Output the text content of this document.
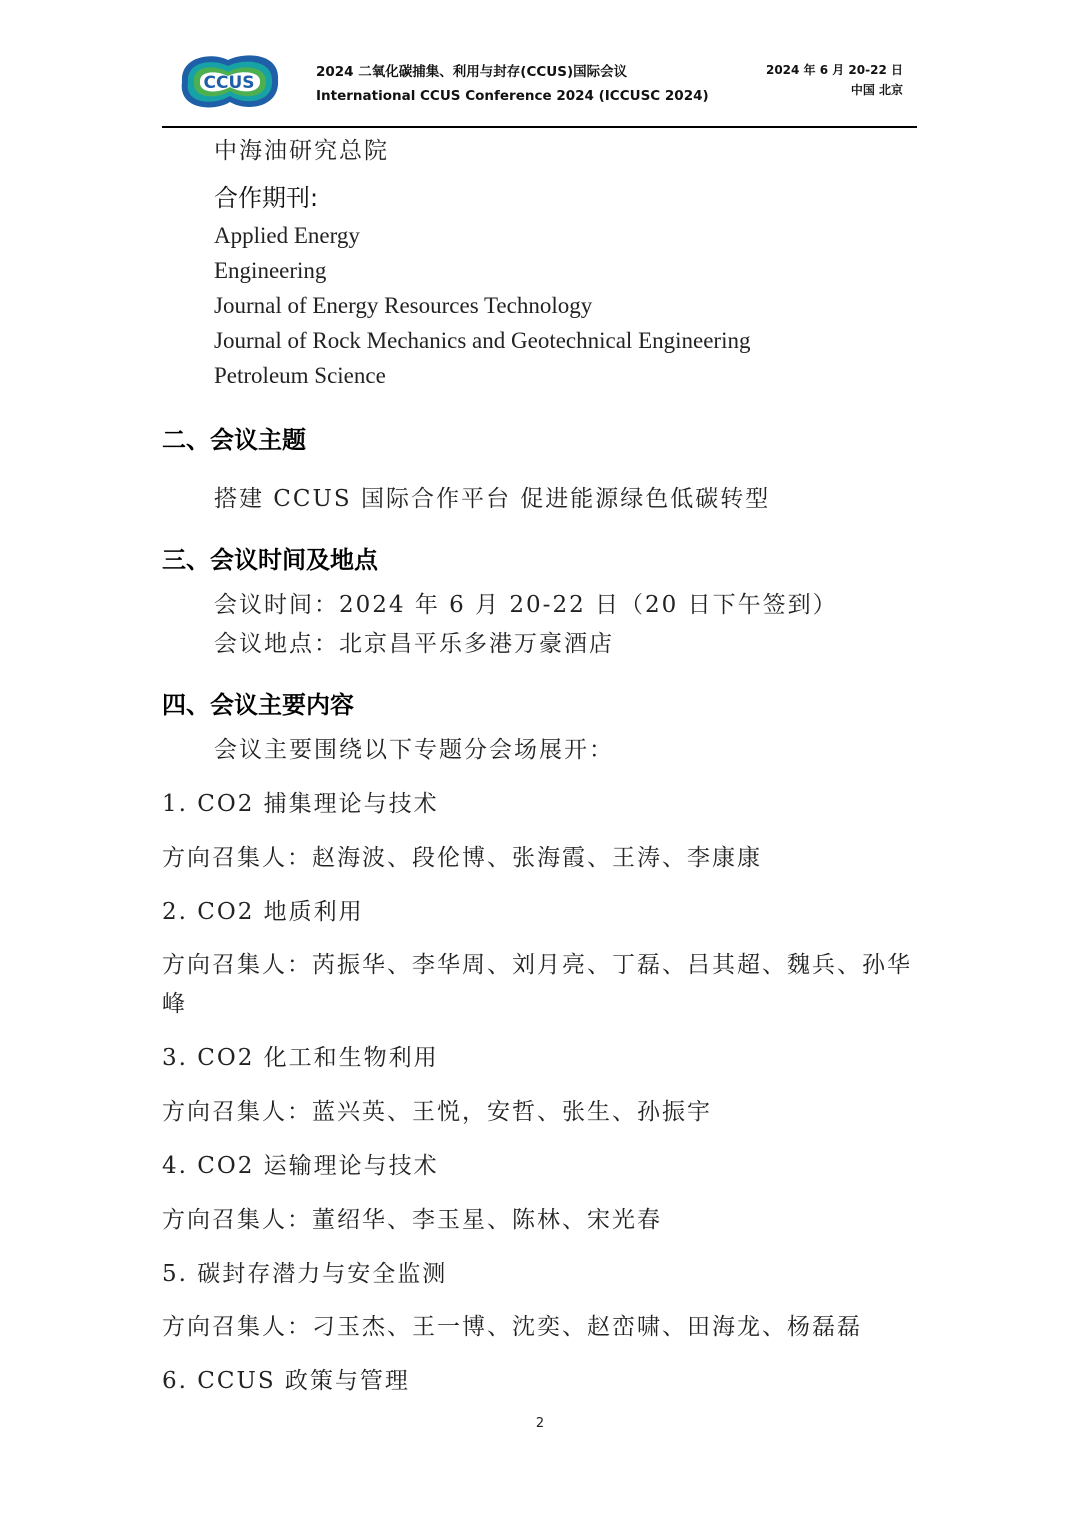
CCUS
2024 二氧化碳捕集、利用与封存(CCUS)国际会议
International CCUS Conference 2024 (ICCUSC 2024)
2024 年 6 月 20-22 日
中国 北京
中海油研究总院
合作期刊:
Applied Energy
Engineering
Journal of Energy Resources Technology
Journal of Rock Mechanics and Geotechnical Engineering
Petroleum Science
二、会议主题
搭建 CCUS 国际合作平台 促进能源绿色低碳转型
三、会议时间及地点
会议时间：2024 年 6 月 20-22 日（20 日下午签到）
会议地点：北京昌平乐多港万豪酒店
四、会议主要内容
会议主要围绕以下专题分会场展开：
1. CO2 捕集理论与技术
方向召集人：赵海波、段伦博、张海霞、王涛、李康康
2. CO2 地质利用
方向召集人：芮振华、李华周、刘月亮、丁磊、吕其超、魏兵、孙华
峰
3. CO2 化工和生物利用
方向召集人：蓝兴英、王悦，安哲、张生、孙振宇
4. CO2 运输理论与技术
方向召集人：董绍华、李玉星、陈林、宋光春
5. 碳封存潜力与安全监测
方向召集人：刁玉杰、王一博、沈奕、赵峦啸、田海龙、杨磊磊
6. CCUS 政策与管理
2
